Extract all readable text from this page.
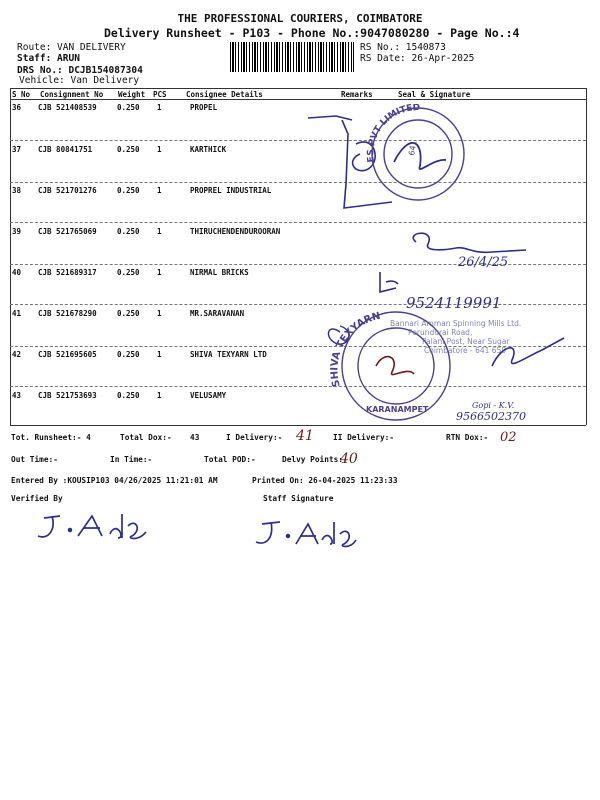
THE PROFESSIONAL COURIERS, COIMBATORE
Delivery Runsheet - P103 - Phone No.:9047080280 - Page No.:4
Route: VAN DELIVERY
Staff: ARUN
DRS No.: DCJB154087304
Vehicle: Van Delivery
RS No.: 1540873
RS Date: 26-Apr-2025
S No Consignment No Weight PCS	Consignee Details	Remarks	Seal & Signature
36 CJB 521408539	0.250 1	PROPEL
37 CJB 80841751	0.250 1	KARTHICK
38 CJB 521701276	0.250 1	PROPREL INDUSTRIAL
39 CJB 521765069	0.250 1	THIRUCHENDENDUROORAN
40 CJB 521689317	0.250 1	NIRMAL BRICKS
41 CJB 521678290	0.250 1	MR.SARAVANAN
42 CJB 521695605	0.250 1	SHIVA TEXYARN LTD
43 CJB 521753693	0.250 1	VELUSAMY
ES PVT LIMITED
641
26/4/25
9524119991
SHIVA TEXYARN
KARANAMPET
Bannari Amman Spinning Mills Ltd. Perundurai Road, Palani Post, Near Sugar Coimbatore - 641 659
Gopi - K.V.
9566502370
Tot. Runsheet:- 4	Total Dox:- 43	I Delivery:- 41 II Delivery:-	RTN Dox:- 02
Out Time:-	In Time:-	Total POD:-	Delvy Points:-
40
Entered By :KOUSIP103 04/26/2025 11:21:01 AM	Printed On: 26-04-2025 11:23:33
Verified By	Staff Signature
